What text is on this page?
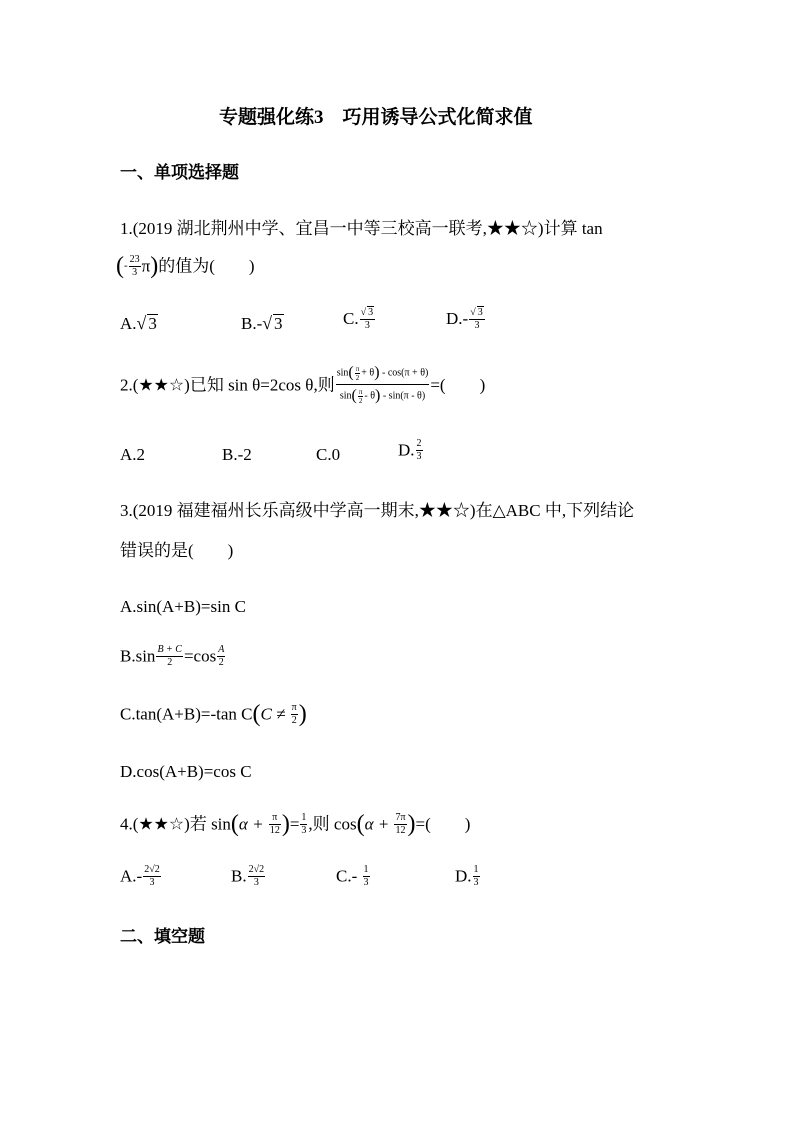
专题强化练3　巧用诱导公式化简求值
一、单项选择题
1.(2019 湖北荆州中学、宜昌一中等三校高一联考,★★☆)计算 tan
(- $\frac{23}{3} \pi$)的值为(　　)
A.√ 3	B.-√ 3	C. $\frac{√ 3}{3}$	$D.- \frac{√ 3}{3}$
2.(★★☆)已知 sin θ=2cos θ,则 $\frac{\sin( \frac{\pi}{2} + \theta) - \cos(\pi + \theta)}{\sin( \frac{\pi}{2} - \theta) - \sin(\pi - \theta)}$ =(　　)
A.2	B.-2	C.0	D. $\frac{2}{3}$
3.(2019 福建福州长乐高级中学高一期末,★★☆)在△ABC 中,下列结论
错误的是(　　)
A.sin(A+B)=sin C
$B.\sin \frac{B + C}{2} =\cos \frac{A}{2}$
C.tan(A+B)=-tan $C(C \ne \frac{\pi}{2}$ )
D.cos(A+B)=cos C
4.(★★☆)若 $\sin(\alpha + \frac{\pi}{12}$ )= $\frac{1}{3}$ ,则 $\cos(\alpha + \frac{7\pi}{12}$ )=(　　)
$A.- \frac{2√2}{3}$	B. $\frac{2√2}{3}$	$C.- \frac{1}{3}$	D. $\frac{1}{3}$
二、填空题
